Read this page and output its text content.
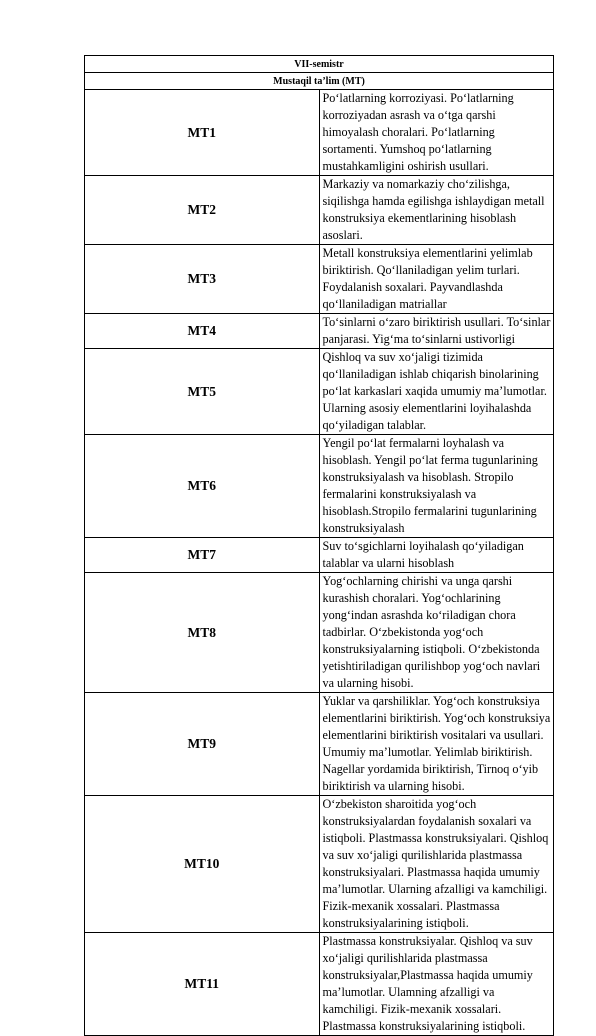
VII-semistr	
Mustaqil ta’lim (MT)	
MT1	Po‘latlarning korroziyasi. Po‘latlarning korroziyadan asrash va o‘tga qarshi himoyalash choralari. Po‘latlarning sortamenti. Yumshoq po‘latlarning mustahkamligini oshirish usullari.
MT2	Markaziy va nomarkaziy cho‘zilishga, siqilishga hamda egilishga ishlaydigan metall konstruksiya ekementlarining hisoblash asoslari.
MT3	Metall konstruksiya elementlarini yelimlab biriktirish. Qo‘llaniladigan yelim turlari. Foydalanish soxalari. Payvandlashda qo‘llaniladigan matriallar
MT4	To‘sinlarni o‘zaro biriktirish usullari. To‘sinlar panjarasi. Yig‘ma to‘sinlarni ustivorligi
MT5	Qishloq va suv xo‘jaligi tizimida qo‘llaniladigan ishlab chiqarish binolarining po‘lat karkaslari xaqida umumiy ma’lumotlar. Ularning asosiy elementlarini loyihalashda qo‘yiladigan talablar.
MT6	Yengil po‘lat fermalarni loyhalash va hisoblash. Yengil po‘lat ferma tugunlarining konstruksiyalash va hisoblash. Stropilo fermalarini konstruksiyalash va hisoblash.Stropilo fermalarini tugunlarining konstruksiyalash
MT7	Suv to‘sgichlarni loyihalash qo‘yiladigan talablar va ularni hisoblash
MT8	Yog‘ochlarning chirishi va unga qarshi kurashish choralari. Yog‘ochlarining yong‘indan asrashda ko‘riladigan chora tadbirlar. O‘zbekistonda yog‘och konstruksiyalarning istiqboli. O‘zbekistonda yetishtiriladigan qurilishbop yog‘och navlari va ularning hisobi.
MT9	Yuklar va qarshiliklar. Yog‘och konstruksiya elementlarini biriktirish. Yog‘och konstruksiya elementlarini biriktirish vositalari va usullari. Umumiy ma’lumotlar. Yelimlab biriktirish. Nagellar yordamida biriktirish, Tirnoq o‘yib biriktirish va ularning hisobi.
MT10	O‘zbekiston sharoitida yog‘och konstruksiyalardan foydalanish soxalari va istiqboli. Plastmassa konstruksiyalari. Qishloq va suv xo‘jaligi qurilishlarida plastmassa konstruksiyalari. Plastmassa haqida umumiy ma’lumotlar. Ularning afzalligi va kamchiligi. Fizik-mexanik xossalari. Plastmassa konstruksiyalarining istiqboli.
MT11	Plastmassa konstruksiyalar. Qishloq va suv xo‘jaligi qurilishlarida plastmassa konstruksiyalar,Plastmassa haqida umumiy ma’lumotlar. Ulamning afzalligi va kamchiligi. Fizik-mexanik xossalari. Plastmassa konstruksiyalarining istiqboli.
